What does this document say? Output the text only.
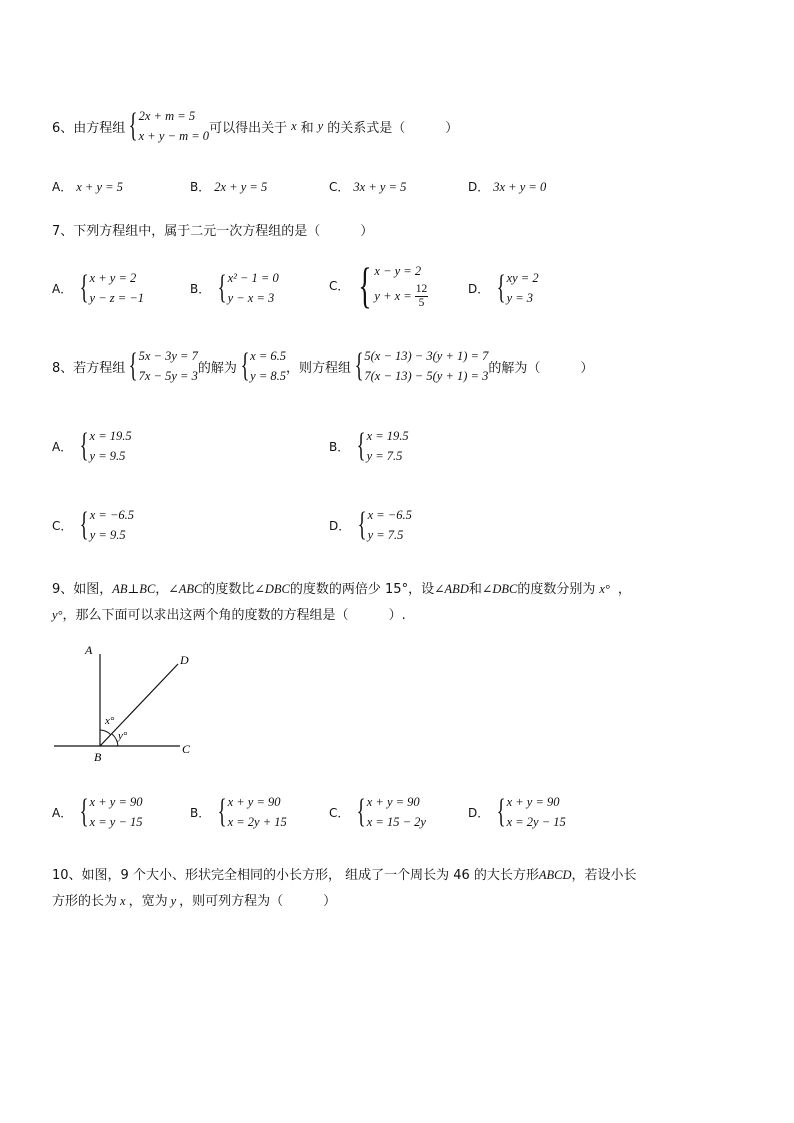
6、 由方程组 { 2x + m = 5
x + y − m = 0
可以得出关于 x 和 y 的关系式是（	）
A． x + y = 5	B． 2x + y = 5	C． 3x + y = 5	D． 3x + y = 0
7、下列方程组中，属于二元一次方程组的是（	）
A． { x + y = 2
y − z = −1
B． { x² − 1 = 0
y − x = 3
C． { x − y = 2
$y + x = \frac{12}{5}$	D． { xy = 2
y = 3
8、若方程组 { 5x − 3y = 7
7x − 5y = 3
的解为 { x = 6.5
y = 8.5
，则方程组 { 5(x − 13) − 3(y + 1) = 7
7(x − 13) − 5(y + 1) = 3
的解为（	）
A． { x = 19.5
y = 9.5
B． { x = 19.5
y = 7.5
C． { x = −6.5
y = 9.5
D． { x = −6.5
y = 7.5
9、如图，AB⊥BC，∠ABC的度数比∠DBC的度数的两倍少 15°，设∠ABD和∠DBC的度数分别为 x° ，
y°，那么下面可以求出这两个角的度数的方程组是（	）.
A
D
B
C
x°
y°
A． { x + y = 90
x = y − 15
B． { x + y = 90
x = 2y + 15
C． { x + y = 90
x = 15 − 2y
D． { x + y = 90
x = 2y − 15
10、如图，9 个大小、形状完全相同的小长方形， 组成了一个周长为 46 的大长方形ABCD，若设小长
方形的长为 x ，宽为 y ，则可列方程为（	）
